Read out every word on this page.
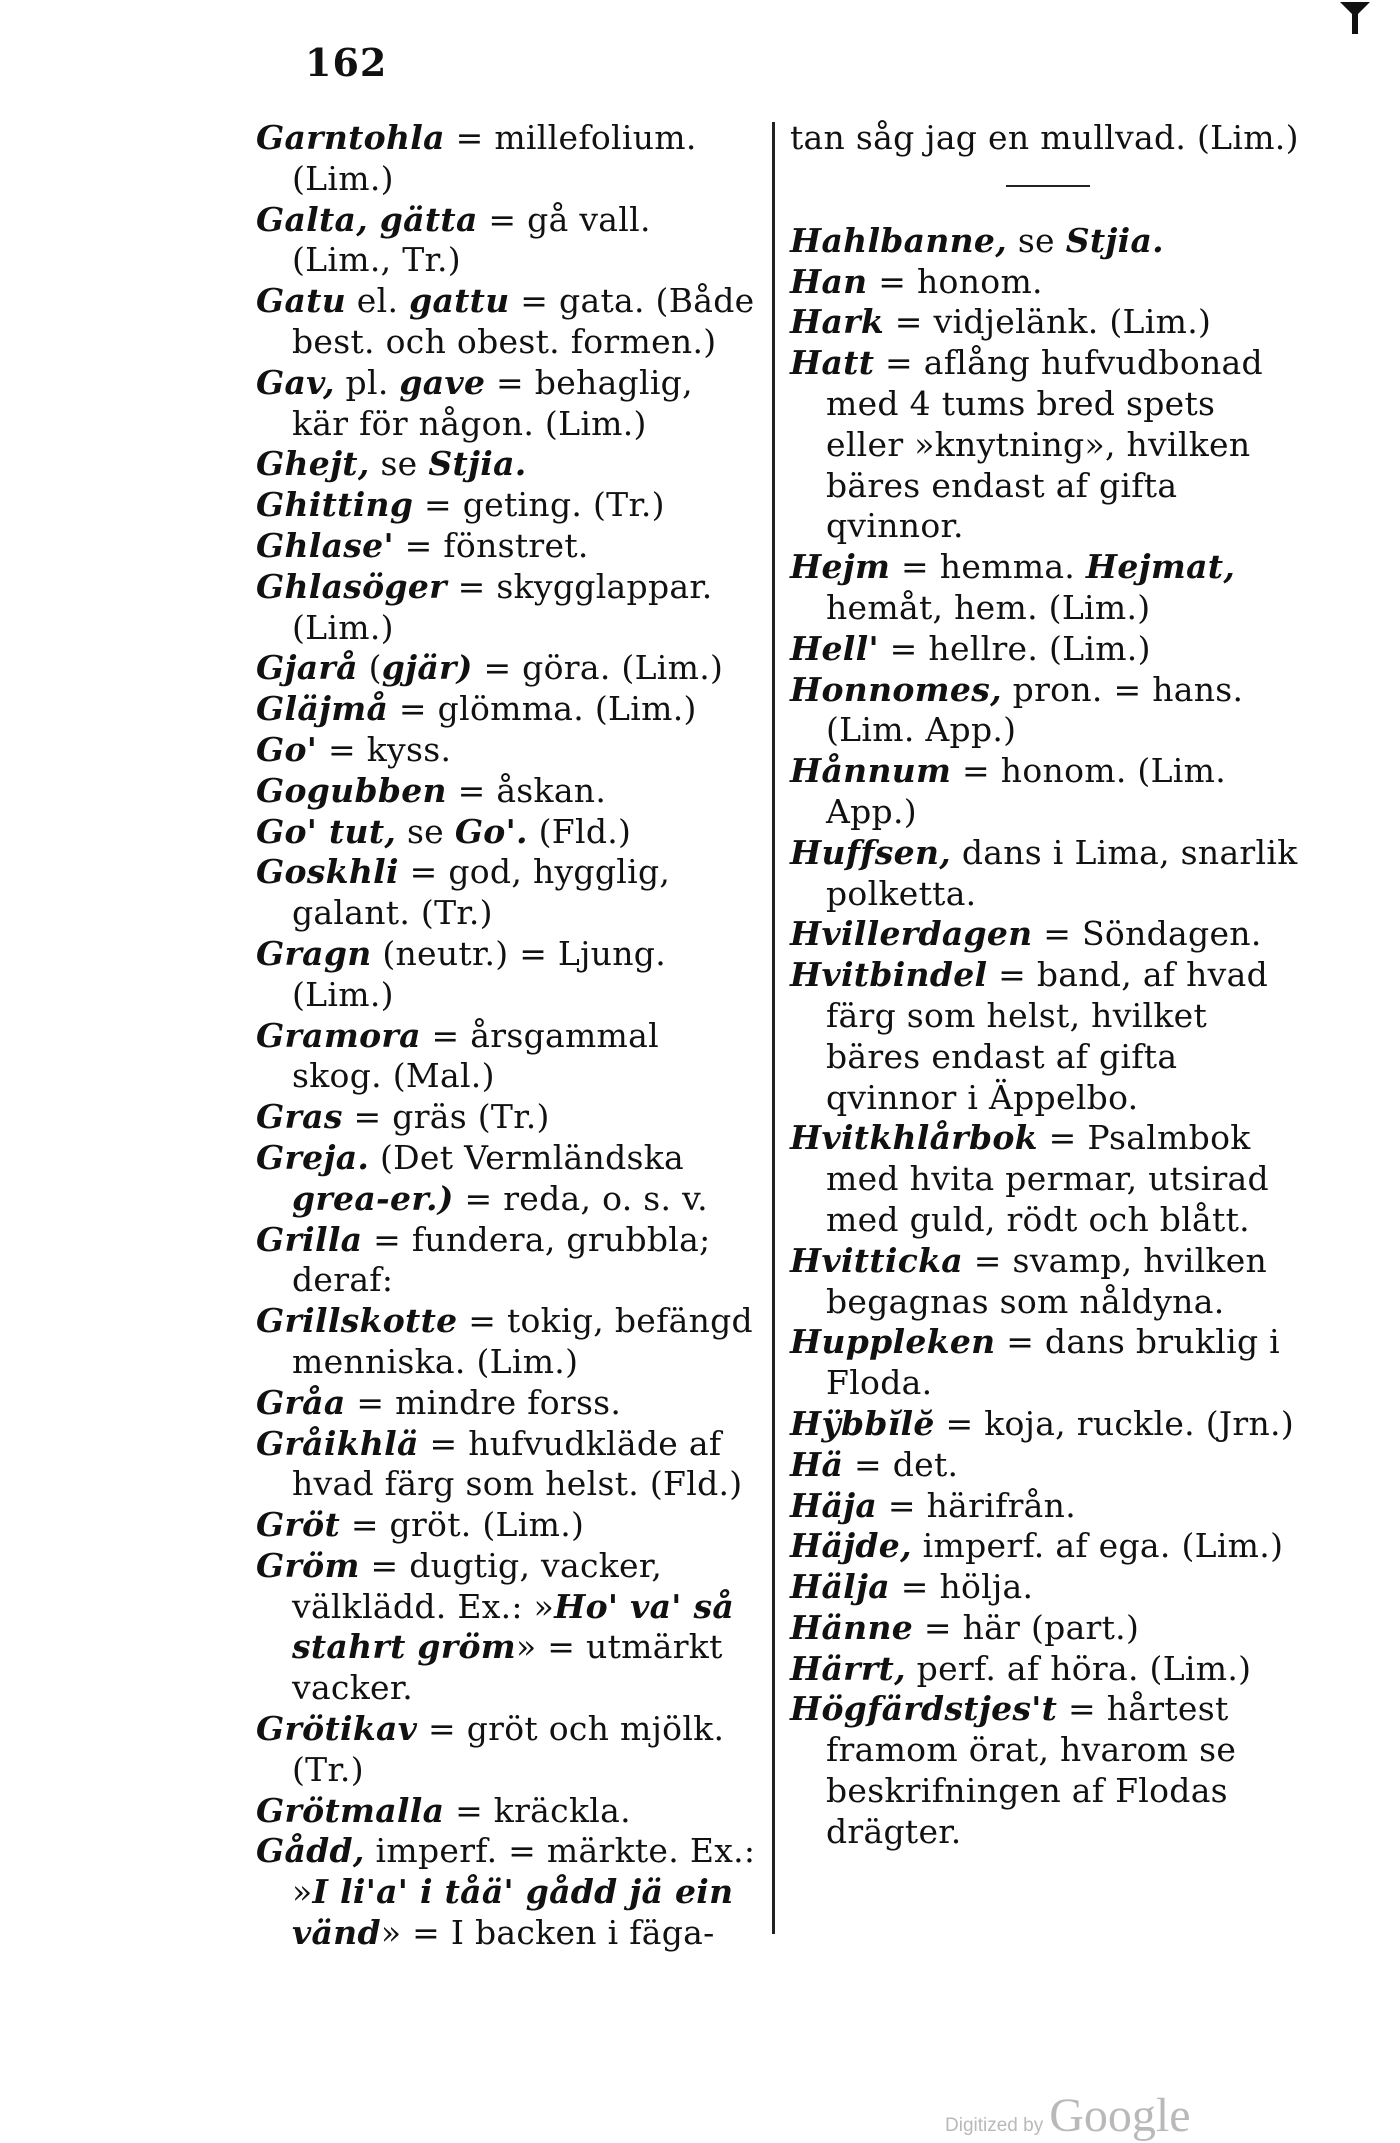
162

Garntohla = millefolium. (Lim.)

Galta, gätta = gå vall. (Lim., Tr.)

Gatu el. gattu = gata. (Både best. och obest. formen.)

Gav, pl. gave = behaglig, kär för någon. (Lim.)

Ghejt, se Stjia.

Ghitting = geting. (Tr.)

Ghlase' = fönstret.

Ghlasöger = skygglappar. (Lim.)

Gjarå (gjär) = göra. (Lim.)

Gläjmå = glömma. (Lim.)

Go' = kyss.

Gogubben = åskan.

Go' tut, se Go'. (Fld.)

Goskhli = god, hygglig, galant. (Tr.)

Gragn (neutr.) = Ljung. (Lim.)

Gramora = årsgammal skog. (Mal.)

Gras = gräs (Tr.)

Greja. (Det Vermländska grea-er.) = reda, o. s. v.

Grilla = fundera, grubbla; deraf:

Grillskotte = tokig, befängd menniska. (Lim.)

Gråa = mindre forss.

Gråikhlä = hufvudkläde af hvad färg som helst. (Fld.)

Gröt = gröt. (Lim.)

Gröm = dugtig, vacker, välklädd. Ex.: »Ho' va' så stahrt gröm» = utmärkt vacker.

Grötikav = gröt och mjölk. (Tr.)

Grötmalla = kräckla.

Gådd, imperf. = märkte. Ex.: »I li'a' i tåä' gådd jä ein vänd» = I backen i fäga-

tan såg jag en mullvad. (Lim.)

Hahlbanne, se Stjia.

Han = honom.

Hark = vidjelänk. (Lim.)

Hatt = aflång hufvudbonad med 4 tums bred spets eller »knytning», hvilken bäres endast af gifta qvinnor.

Hejm = hemma. Hejmat, hemåt, hem. (Lim.)

Hell' = hellre. (Lim.)

Honnomes, pron. = hans. (Lim. App.)

Hånnum = honom. (Lim. App.)

Huffsen, dans i Lima, snarlik polketta.

Hvillerdagen = Söndagen.

Hvitbindel = band, af hvad färg som helst, hvilket bäres endast af gifta qvinnor i Äppelbo.

Hvitkhlårbok = Psalmbok med hvita permar, utsirad med guld, rödt och blått.

Hvitticka = svamp, hvilken begagnas som nåldyna.

Huppleken = dans bruklig i Floda.

Hÿbbĭlĕ = koja, ruckle. (Jrn.)

Hä = det.

Häja = härifrån.

Häjde, imperf. af ega. (Lim.)

Hälja = hölja.

Hänne = här (part.)

Härrt, perf. af höra. (Lim.)

Högfärdstjes't = hårtest framom örat, hvarom se beskrifningen af Flodas drägter.

Digitized by Google
